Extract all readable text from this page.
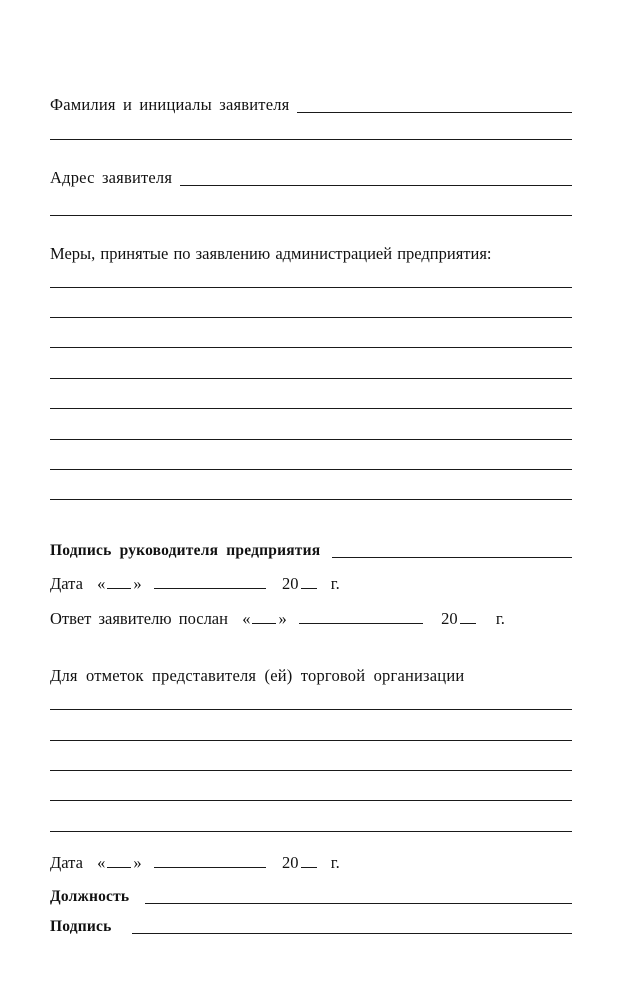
Фамилия и инициалы заявителя
Адрес заявителя
Меры, принятые по заявлению администрацией предприятия:
Подпись руководителя предприятия
Дата « »	20 г.
Ответ заявителю послан « »	20 г.
Для отметок представителя (ей) торговой организации
Дата « »	20 г.
Должность
Подпись
